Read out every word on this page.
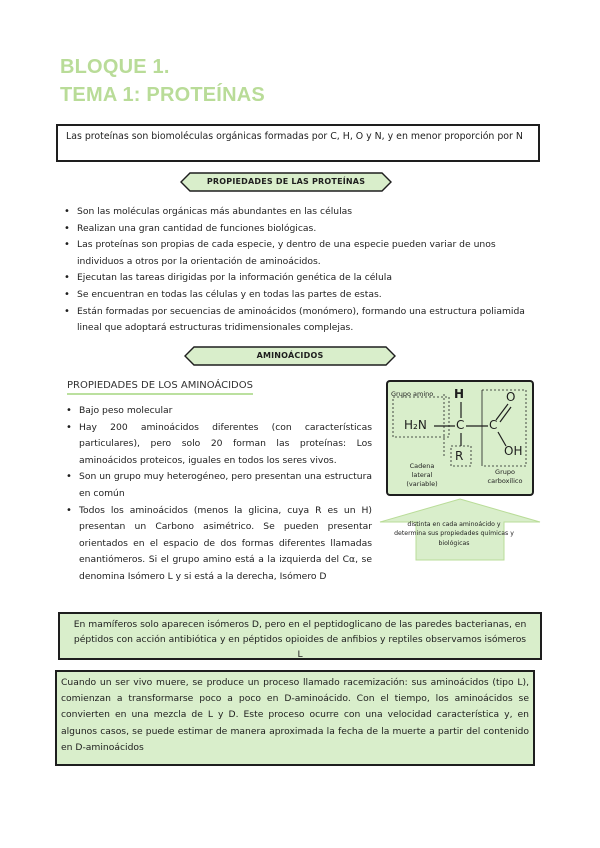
BLOQUE 1.
TEMA 1: PROTEÍNAS
Las proteínas son biomoléculas orgánicas formadas por C, H, O y N, y en menor proporción por N
PROPIEDADES DE LAS PROTEÍNAS
• Son las moléculas orgánicas más abundantes en las células
• Realizan una gran cantidad de funciones biológicas.
• Las proteínas son propias de cada especie, y dentro de una especie pueden variar de unos individuos a otros por la orientación de aminoácidos.
• Ejecutan las tareas dirigidas por la información genética de la célula
• Se encuentran en todas las células y en todas las partes de estas.
• Están formadas por secuencias de aminoácidos (monómero), formando una estructura poliamida lineal que adoptará estructuras tridimensionales complejas.
AMINOÁCIDOS
PROPIEDADES DE LOS AMINOÁCIDOS
• Bajo peso molecular
• Hay 200 aminoácidos diferentes (con características particulares), pero solo 20 forman las proteínas: Los aminoácidos proteicos, iguales en todos los seres vivos.
• Son un grupo muy heterogéneo, pero presentan una estructura en común
• Todos los aminoácidos (menos la glicina, cuya R es un H) presentan un Carbono asimétrico. Se pueden presentar orientados en el espacio de dos formas diferentes llamadas enantiómeros. Si el grupo amino está a la izquierda del Cα, se denomina Isómero L y si está a la derecha, Isómero D
Grupo amino H
H₂N C C
O
OH
R
Cadena lateral (variable)
Grupo carboxílico
distinta en cada aminoácido y determina sus propiedades químicas y biológicas
En mamíferos solo aparecen isómeros D, pero en el peptidoglicano de las paredes bacterianas, en péptidos con acción antibiótica y en péptidos opioides de anfibios y reptiles observamos isómeros L
Cuando un ser vivo muere, se produce un proceso llamado racemización: sus aminoácidos (tipo L), comienzan a transformarse poco a poco en D-aminoácido. Con el tiempo, los aminoácidos se convierten en una mezcla de L y D. Este proceso ocurre con una velocidad característica y, en algunos casos, se puede estimar de manera aproximada la fecha de la muerte a partir del contenido en D-aminoácidos
